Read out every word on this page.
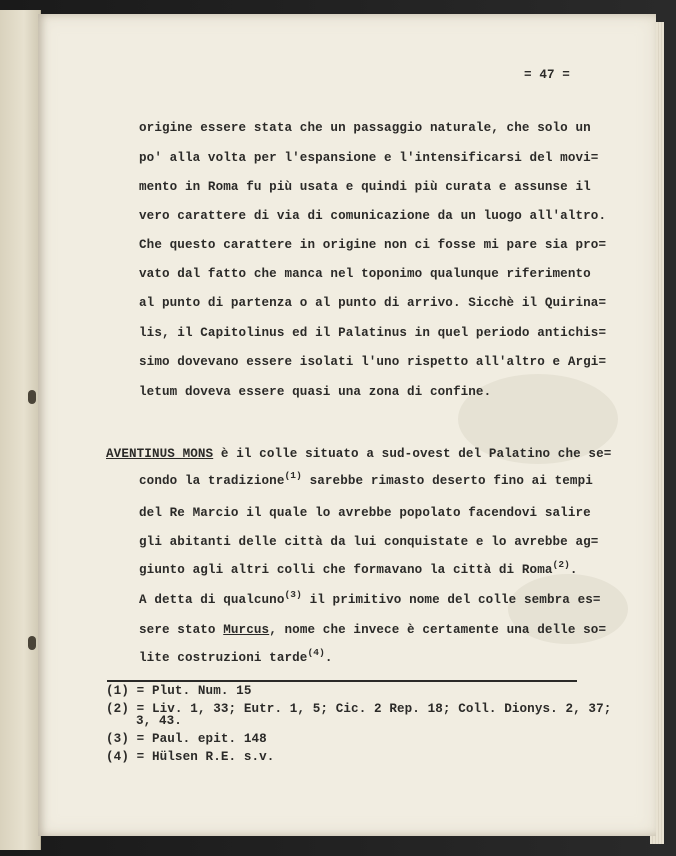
= 47 =
origine essere stata che un passaggio naturale, che solo un
po' alla volta per l'espansione e l'intensificarsi del movi=
mento in Roma fu più usata e quindi più curata e assunse il
vero carattere di via di comunicazione da un luogo all'altro.
Che questo carattere in origine non ci fosse mi pare sia pro=
vato dal fatto che manca nel toponimo qualunque riferimento
al punto di partenza o al punto di arrivo. Sicchè il Quirina=
lis, il Capitolinus ed il Palatinus in quel periodo antichis=
simo dovevano essere isolati l'uno rispetto all'altro e Argi=
letum doveva essere quasi una zona di confine.
AVENTINUS MONS è il colle situato a sud-ovest del Palatino che se=
condo la tradizione$^{(1)}$ sarebbe rimasto deserto fino ai tempi
del Re Marcio il quale lo avrebbe popolato facendovi salire
gli abitanti delle città da lui conquistate e lo avrebbe ag=
giunto agli altri colli che formavano la città di Roma$^{(2)}$.
A detta di qualcuno$^{(3)}$ il primitivo nome del colle sembra es=
sere stato Murcus, nome che invece è certamente una delle so=
lite costruzioni tarde$^{(4)}$.
(1) = Plut. Num. 15
(2) = Liv. 1, 33; Eutr. 1, 5; Cic. 2 Rep. 18; Coll. Dionys. 2, 37;
3, 43.
(3) = Paul. epit. 148
(4) = Hülsen R.E. s.v.
